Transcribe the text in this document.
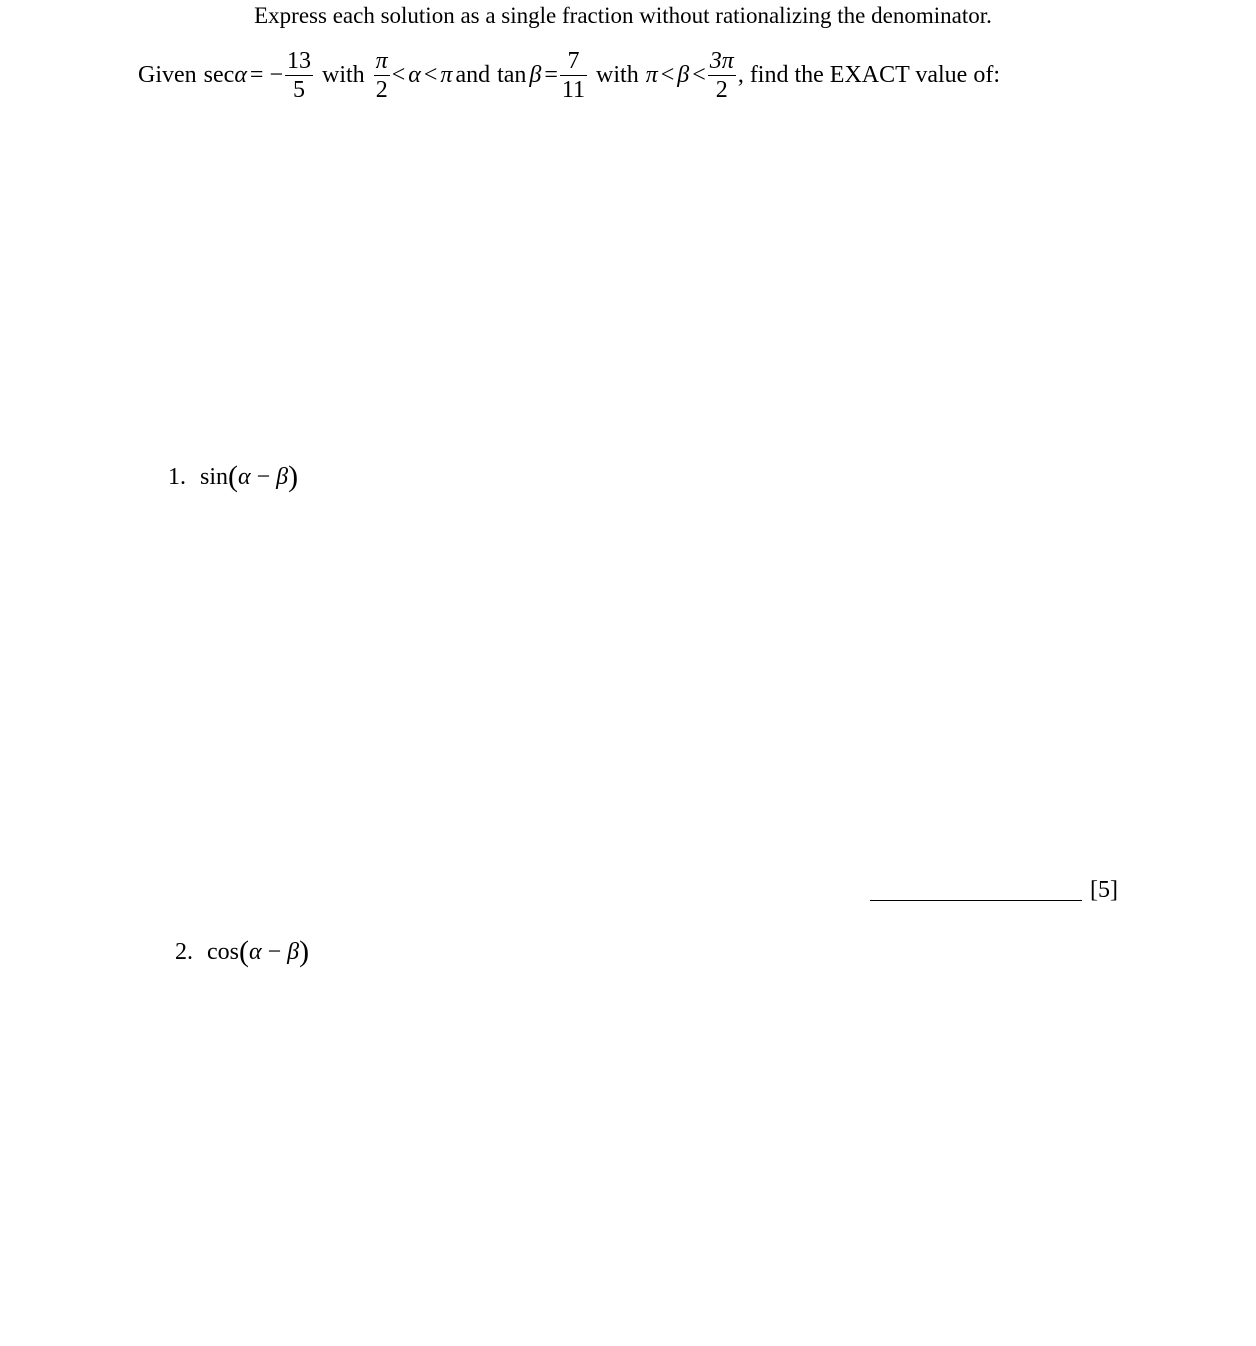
Express each solution as a single fraction without rationalizing the denominator.
Given sec α = − $\frac{13}{5}$ with $\frac{\pi}{2} < \alpha < \pi$ and $\tan \beta = \frac{7}{11}$ with $\pi < \beta < \frac{3\pi}{2}$ , find the EXACT value of:
1. sin(α − β)
[5]
2. cos(α − β)
